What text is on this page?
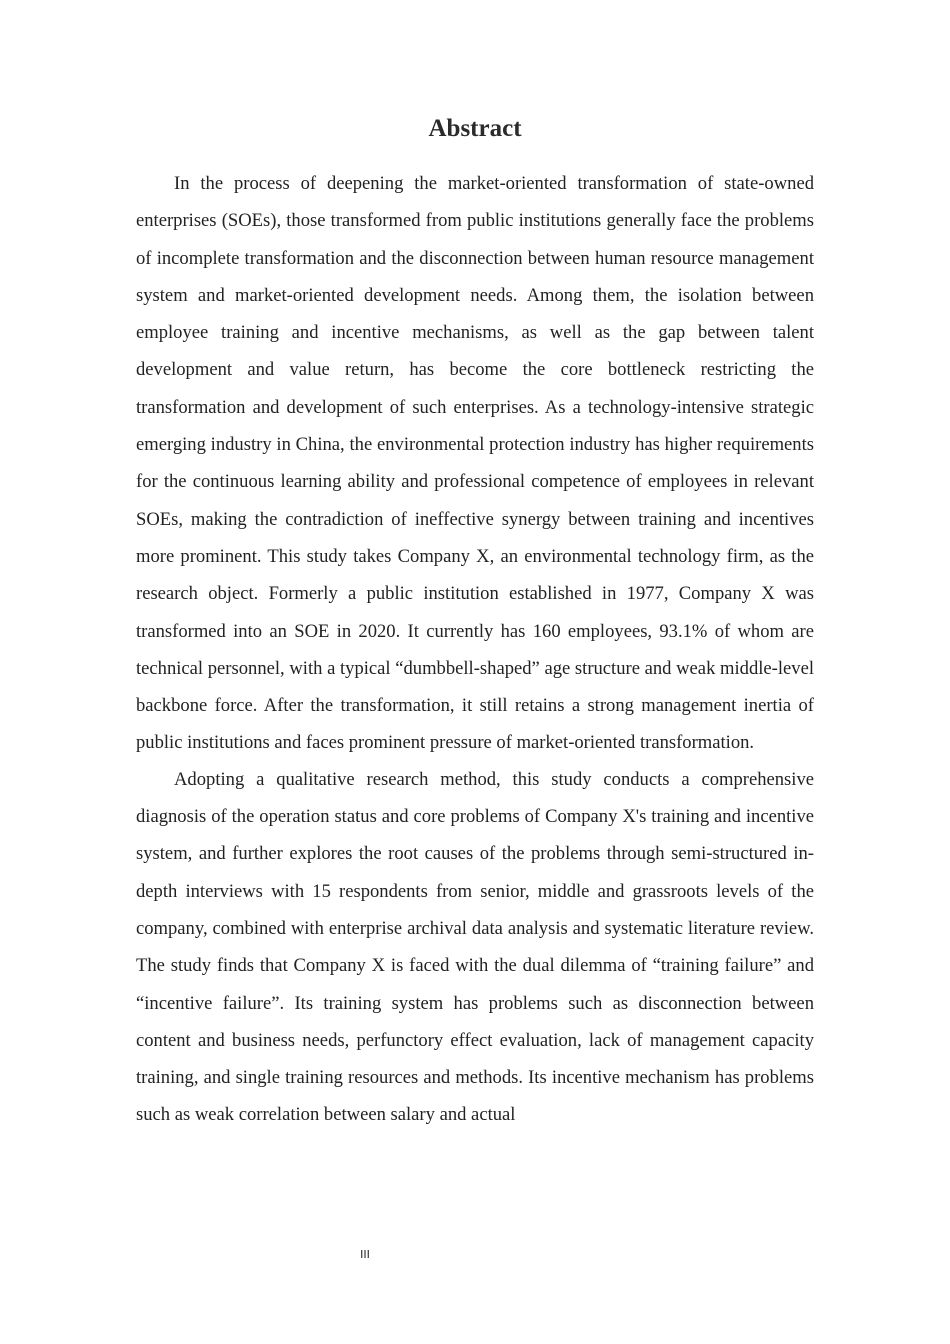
Abstract

In the process of deepening the market-oriented transformation of state-owned enterprises (SOEs), those transformed from public institutions generally face the problems of incomplete transformation and the disconnection between human resource management system and market-oriented development needs. Among them, the isolation between employee training and incentive mechanisms, as well as the gap between talent development and value return, has become the core bottleneck restricting the transformation and development of such enterprises. As a technology-intensive strategic emerging industry in China, the environmental protection industry has higher requirements for the continuous learning ability and professional competence of employees in relevant SOEs, making the contradiction of ineffective synergy between training and incentives more prominent. This study takes Company X, an environmental technology firm, as the research object. Formerly a public institution established in 1977, Company X was transformed into an SOE in 2020. It currently has 160 employees, 93.1% of whom are technical personnel, with a typical “dumbbell-shaped” age structure and weak middle-level backbone force. After the transformation, it still retains a strong management inertia of public institutions and faces prominent pressure of market-oriented transformation.

Adopting a qualitative research method, this study conducts a comprehensive diagnosis of the operation status and core problems of Company X's training and incentive system, and further explores the root causes of the problems through semi-structured in-depth interviews with 15 respondents from senior, middle and grassroots levels of the company, combined with enterprise archival data analysis and systematic literature review. The study finds that Company X is faced with the dual dilemma of “training failure” and “incentive failure”. Its training system has problems such as disconnection between content and business needs, perfunctory effect evaluation, lack of management capacity training, and single training resources and methods. Its incentive mechanism has problems such as weak correlation between salary and actual

III
